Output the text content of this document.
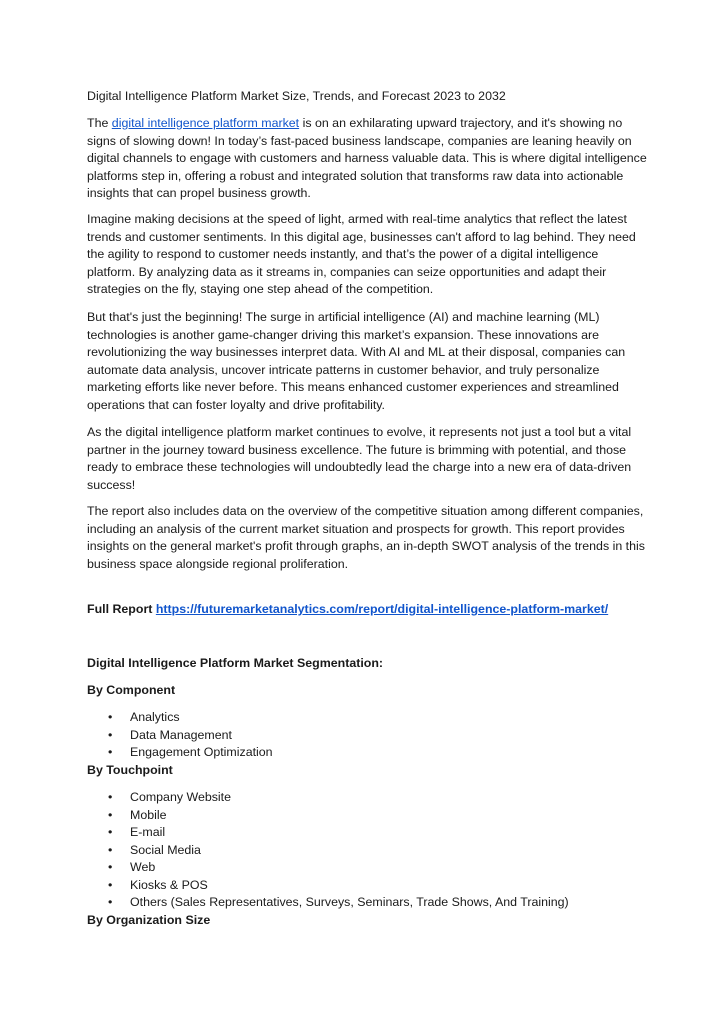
Digital Intelligence Platform Market Size, Trends, and Forecast 2023 to 2032

The digital intelligence platform market is on an exhilarating upward trajectory, and it's showing no signs of slowing down! In today’s fast-paced business landscape, companies are leaning heavily on digital channels to engage with customers and harness valuable data. This is where digital intelligence platforms step in, offering a robust and integrated solution that transforms raw data into actionable insights that can propel business growth.

Imagine making decisions at the speed of light, armed with real-time analytics that reflect the latest trends and customer sentiments. In this digital age, businesses can't afford to lag behind. They need the agility to respond to customer needs instantly, and that’s the power of a digital intelligence platform. By analyzing data as it streams in, companies can seize opportunities and adapt their strategies on the fly, staying one step ahead of the competition.

But that's just the beginning! The surge in artificial intelligence (AI) and machine learning (ML) technologies is another game-changer driving this market’s expansion. These innovations are revolutionizing the way businesses interpret data. With AI and ML at their disposal, companies can automate data analysis, uncover intricate patterns in customer behavior, and truly personalize marketing efforts like never before. This means enhanced customer experiences and streamlined operations that can foster loyalty and drive profitability.

As the digital intelligence platform market continues to evolve, it represents not just a tool but a vital partner in the journey toward business excellence. The future is brimming with potential, and those ready to embrace these technologies will undoubtedly lead the charge into a new era of data-driven success!

The report also includes data on the overview of the competitive situation among different companies, including an analysis of the current market situation and prospects for growth. This report provides insights on the general market's profit through graphs, an in-depth SWOT analysis of the trends in this business space alongside regional proliferation.

Full Report https://futuremarketanalytics.com/report/digital-intelligence-platform-market/
Digital Intelligence Platform Market Segmentation:
By Component
• Analytics
• Data Management
• Engagement Optimization
By Touchpoint
• Company Website
• Mobile
• E-mail
• Social Media
• Web
• Kiosks & POS
• Others (Sales Representatives, Surveys, Seminars, Trade Shows, And Training)
By Organization Size
